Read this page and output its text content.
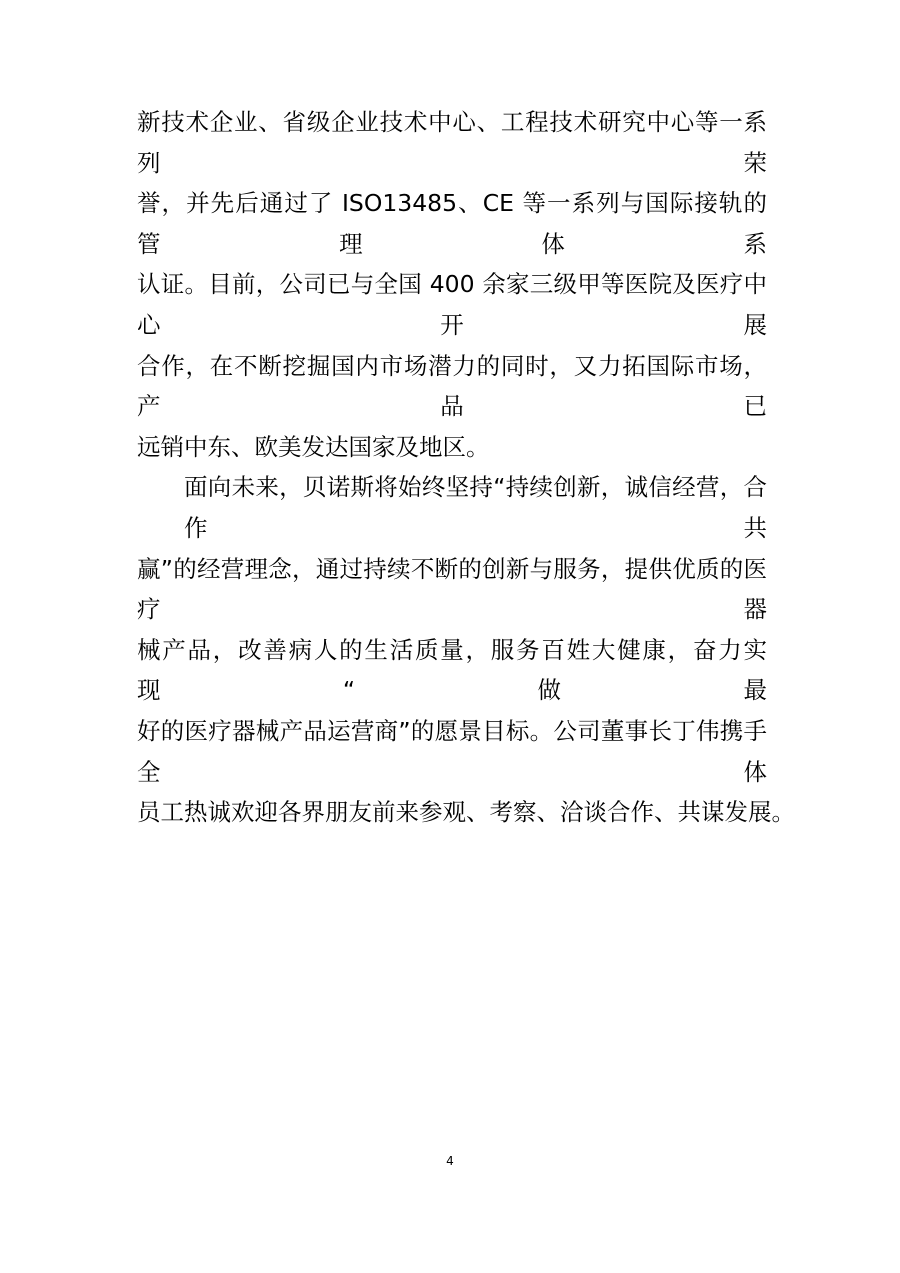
新技术企业、省级企业技术中心、工程技术研究中心等一系列荣

誉，并先后通过了 ISO13485、CE 等一系列与国际接轨的管理体系

认证。目前，公司已与全国 400 余家三级甲等医院及医疗中心开展

合作，在不断挖掘国内市场潜力的同时，又力拓国际市场，产品已

远销中东、欧美发达国家及地区。

面向未来，贝诺斯将始终坚持“持续创新，诚信经营，合作共

赢”的经营理念，通过持续不断的创新与服务，提供优质的医疗器

械产品，改善病人的生活质量，服务百姓大健康，奋力实现“做最

好的医疗器械产品运营商”的愿景目标。公司董事长丁伟携手全体

员工热诚欢迎各界朋友前来参观、考察、洽谈合作、共谋发展。

4
